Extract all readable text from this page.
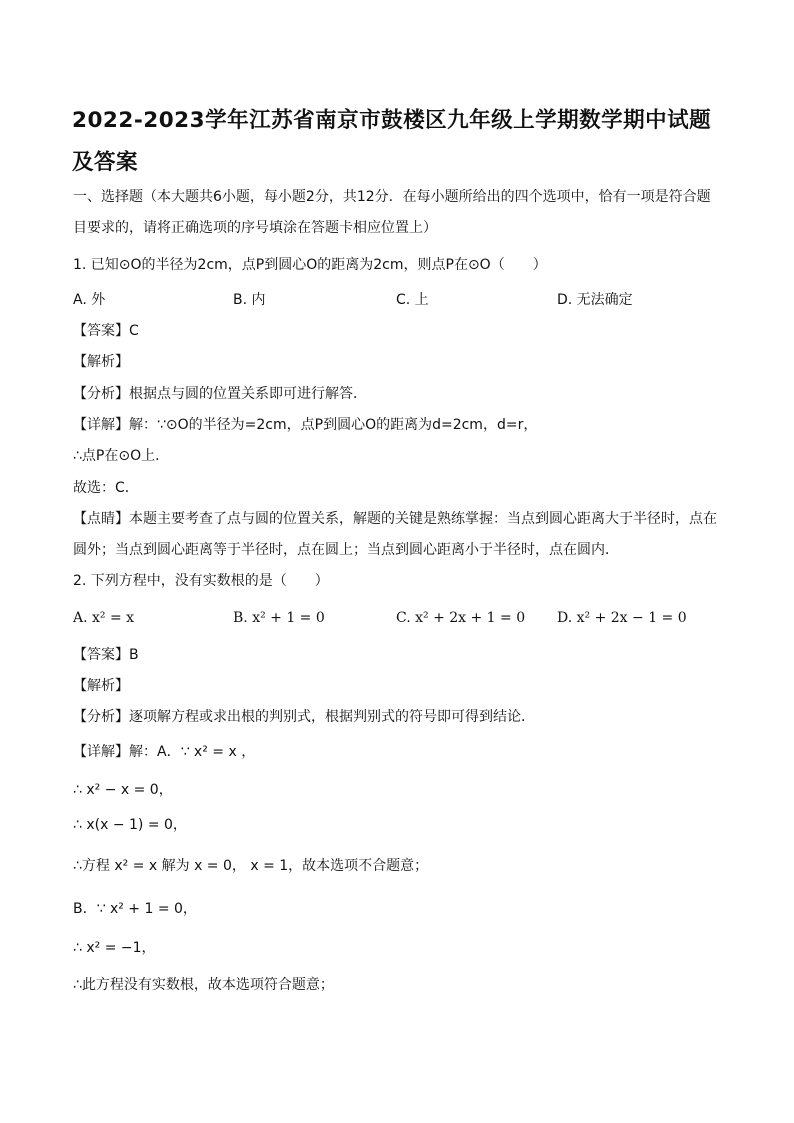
2022-2023学年江苏省南京市鼓楼区九年级上学期数学期中试题及答案
一、选择题（本大题共6小题，每小题2分，共12分．在每小题所给出的四个选项中，恰有一项是符合题
目要求的，请将正确选项的序号填涂在答题卡相应位置上）
1. 已知⊙O的半径为2cm，点P到圆心O的距离为2cm，则点P在⊙O（　　）
A. 外	B. 内	C. 上	D. 无法确定
【答案】C
【解析】
【分析】根据点与圆的位置关系即可进行解答．
【详解】解：∵⊙O的半径为=2cm，点P到圆心O的距离为d=2cm，d=r，
∴点P在⊙O上．
故选：C．
【点睛】本题主要考查了点与圆的位置关系，解题的关键是熟练掌握：当点到圆心距离大于半径时，点在
圆外；当点到圆心距离等于半径时，点在圆上；当点到圆心距离小于半径时，点在圆内．
2. 下列方程中，没有实数根的是（　　）
A. x² = x	B. x² + 1 = 0	C. x² + 2x + 1 = 0 D. x² + 2x − 1 = 0
【答案】B
【解析】
【分析】逐项解方程或求出根的判别式，根据判别式的符号即可得到结论．
【详解】解：A．∵ x² = x ，
∴ x² − x = 0，
∴ x(x − 1) = 0，
∴方程 x² = x 解为 x = 0， x = 1，故本选项不合题意；
B．∵ x² + 1 = 0，
∴ x² = −1，
∴此方程没有实数根，故本选项符合题意；
